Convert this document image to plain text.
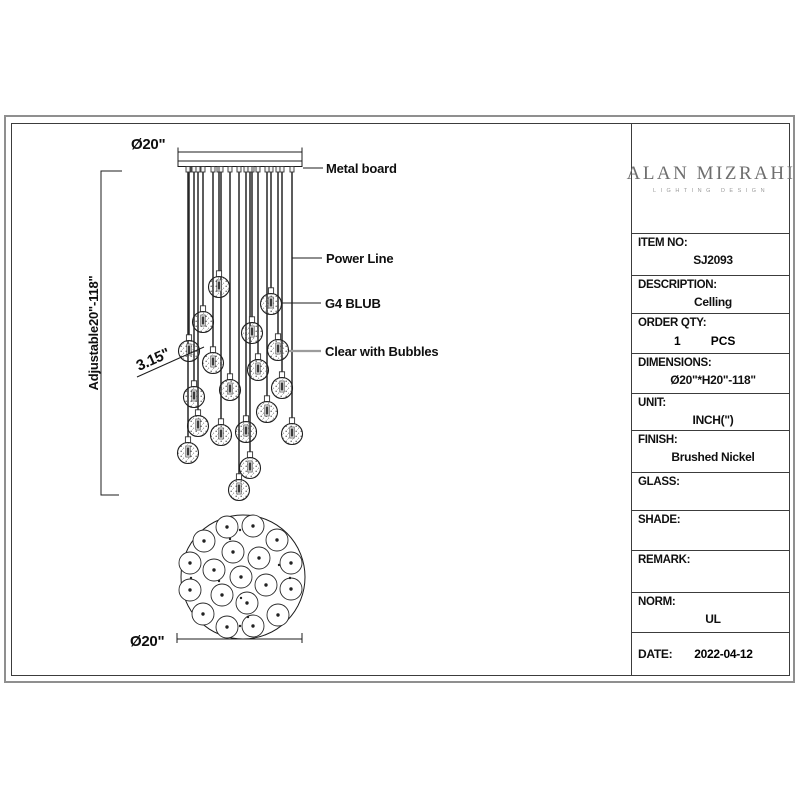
Ø20"
Adjustable20"-118" 3.15"
Metal board
Power Line
G4 BLUB
Clear with Bubbles
Ø20"
ALAN MIZRAHI
LIGHTING DESIGN
ITEM NO:
SJ2093
DESCRIPTION:
Celling
ORDER QTY:
1	PCS
DIMENSIONS:
Ø20"*H20"-118"
UNIT:
INCH(")
FINISH:
Brushed Nickel
GLASS:
SHADE:
REMARK:
NORM:
UL
DATE: 2022-04-12
